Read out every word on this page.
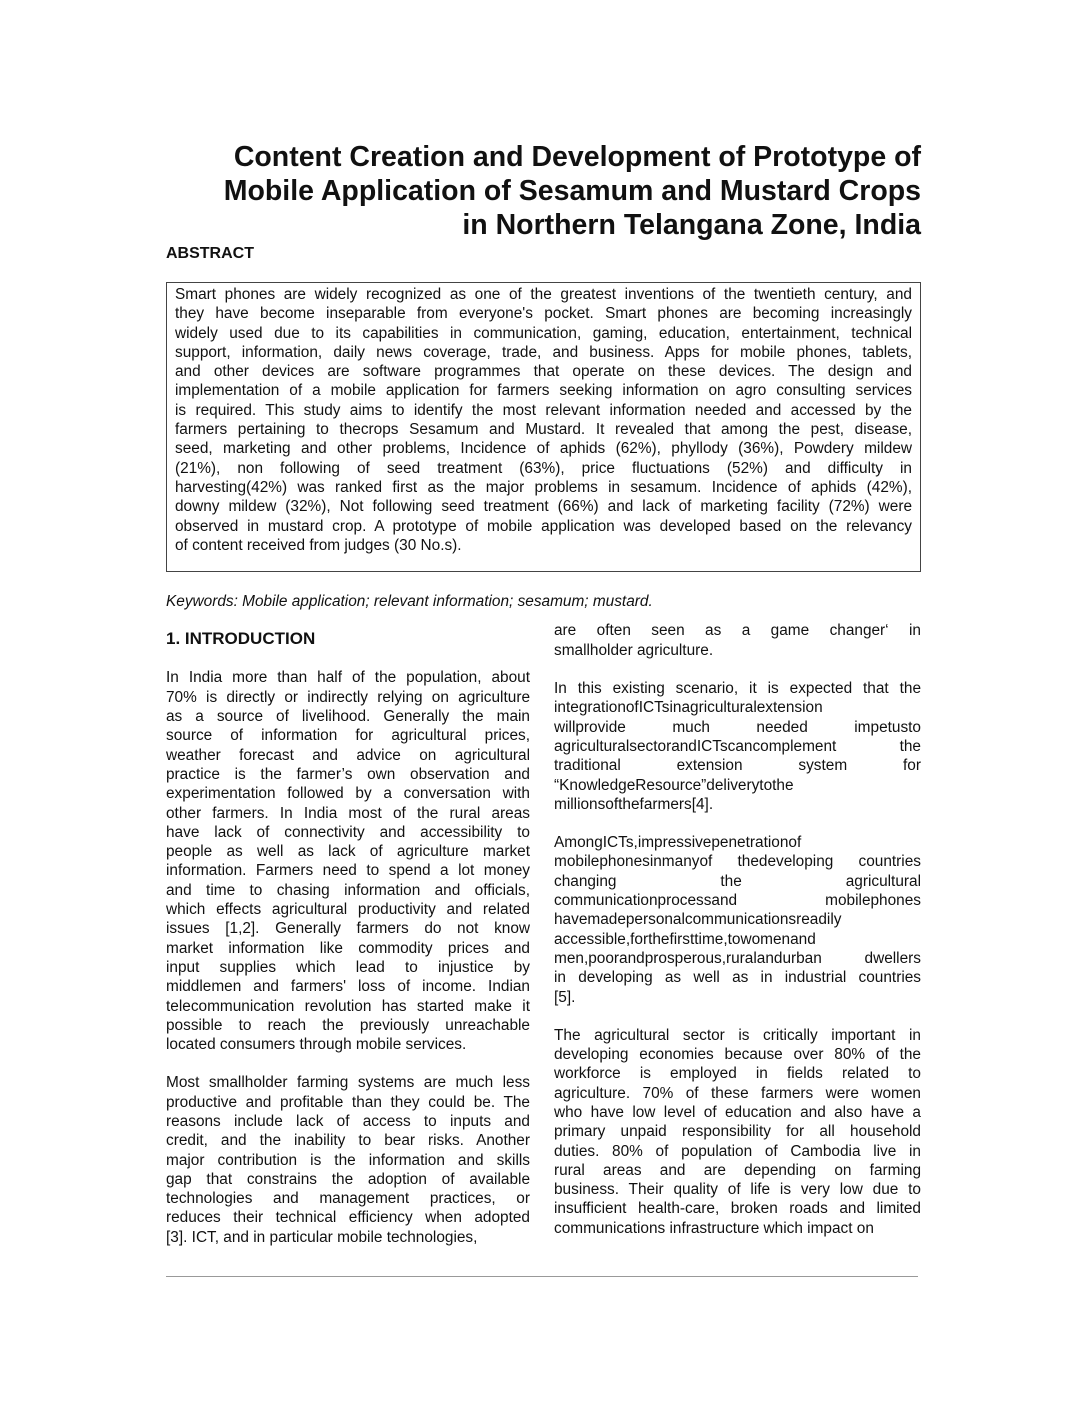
Content Creation and Development of Prototype of
Mobile Application of Sesamum and Mustard Crops
in Northern Telangana Zone, India
ABSTRACT
Smart phones are widely recognized as one of the greatest inventions of the twentieth century, and
they have become inseparable from everyone's pocket. Smart phones are becoming increasingly
widely used due to its capabilities in communication, gaming, education, entertainment, technical
support, information, daily news coverage, trade, and business. Apps for mobile phones, tablets,
and other devices are software programmes that operate on these devices. The design and
implementation of a mobile application for farmers seeking information on agro consulting services
is required. This study aims to identify the most relevant information needed and accessed by the
farmers pertaining to thecrops Sesamum and Mustard. It revealed that among the pest, disease,
seed, marketing and other problems, Incidence of aphids (62%), phyllody (36%), Powdery mildew
(21%), non following of seed treatment (63%), price fluctuations (52%) and difficulty in
harvesting(42%) was ranked first as the major problems in sesamum. Incidence of aphids (42%),
downy mildew (32%), Not following seed treatment (66%) and lack of marketing facility (72%) were
observed in mustard crop. A prototype of mobile application was developed based on the relevancy
of content received from judges (30 No.s).
Keywords: Mobile application; relevant information; sesamum; mustard.
1. INTRODUCTION
In India more than half of the population, about
70% is directly or indirectly relying on agriculture
as a source of livelihood. Generally the main
source of information for agricultural prices,
weather forecast and advice on agricultural
practice is the farmer’s own observation and
experimentation followed by a conversation with
other farmers. In India most of the rural areas
have lack of connectivity and accessibility to
people as well as lack of agriculture market
information. Farmers need to spend a lot money
and time to chasing information and officials,
which effects agricultural productivity and related
issues [1,2]. Generally farmers do not know
market information like commodity prices and
input supplies which lead to injustice by
middlemen and farmers' loss of income. Indian
telecommunication revolution has started make it
possible to reach the previously unreachable
located consumers through mobile services.
Most smallholder farming systems are much less
productive and profitable than they could be. The
reasons include lack of access to inputs and
credit, and the inability to bear risks. Another
major contribution is the information and skills
gap that constrains the adoption of available
technologies and management practices, or
reduces their technical efficiency when adopted
[3]. ICT, and in particular mobile technologies,
are often seen as a game changer‘ in
smallholder agriculture.
In this existing scenario, it is expected that the
integrationofICTsinagriculturalextension
willprovide much needed impetusto
agriculturalsectorandICTscancomplement the
traditional extension system for
“KnowledgeResource”deliverytothe
millionsofthefarmers[4].
AmongICTs,impressivepenetrationof
mobilephonesinmanyof thedeveloping countries
changing the agricultural
communicationprocessand mobilephones
havemadepersonalcommunicationsreadily
accessible,forthefirsttime,towomenand
men,poorandprosperous,ruralandurban dwellers
in developing as well as in industrial countries
[5].
The agricultural sector is critically important in
developing economies because over 80% of the
workforce is employed in fields related to
agriculture. 70% of these farmers were women
who have low level of education and also have a
primary unpaid responsibility for all household
duties. 80% of population of Cambodia live in
rural areas and are depending on farming
business. Their quality of life is very low due to
insufficient health-care, broken roads and limited
communications infrastructure which impact on
